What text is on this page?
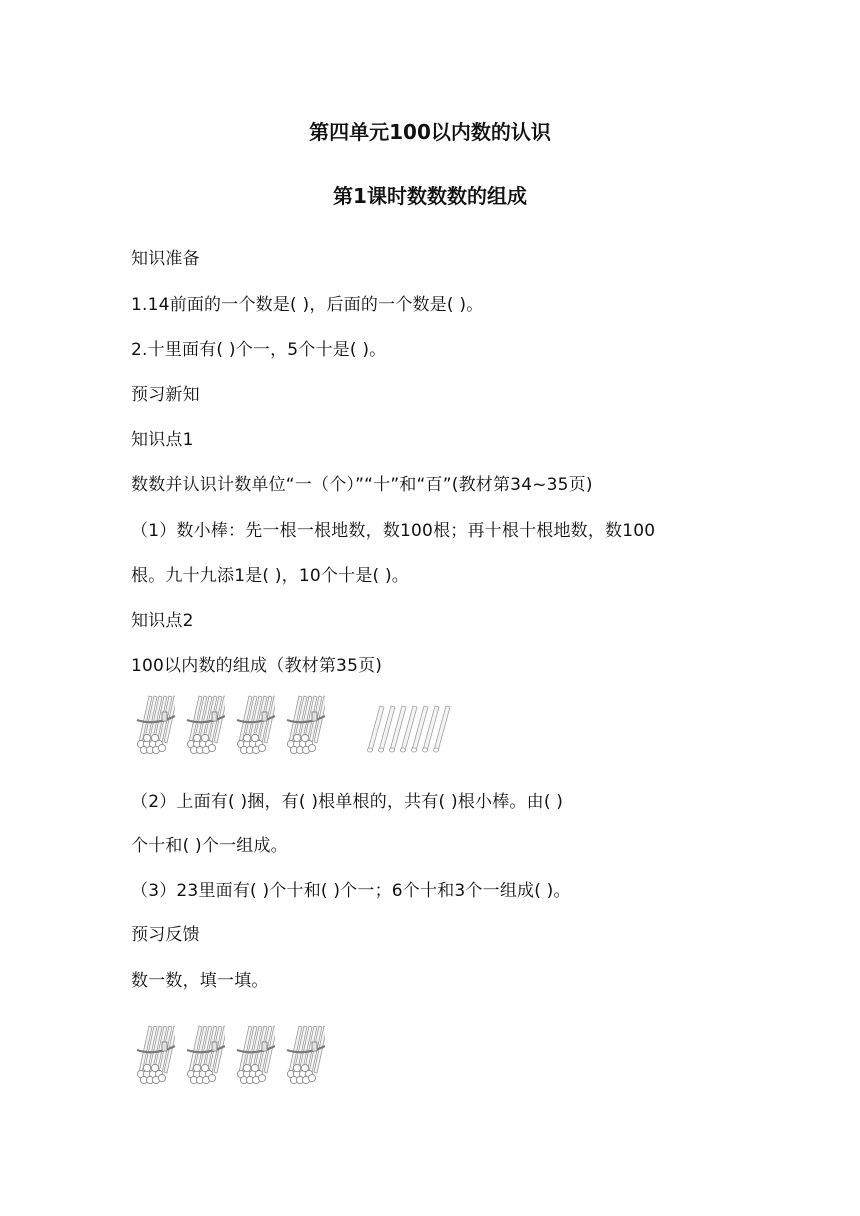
第四单元100以内数的认识
第1课时数数数的组成
知识准备
1.14前面的一个数是( )，后面的一个数是( )。
2.十里面有( )个一，5个十是( )。
预习新知
知识点1
数数并认识计数单位“一（个）”“十”和“百”(教材第34~35页)
（1）数小棒：先一根一根地数，数100根；再十根十根地数，数100
根。九十九添1是( )，10个十是( )。
知识点2
100以内数的组成（教材第35页)
（2）上面有( )捆，有( )根单根的，共有( )根小棒。由( )
个十和( )个一组成。
（3）23里面有( )个十和( )个一；6个十和3个一组成( )。
预习反馈
数一数，填一填。
